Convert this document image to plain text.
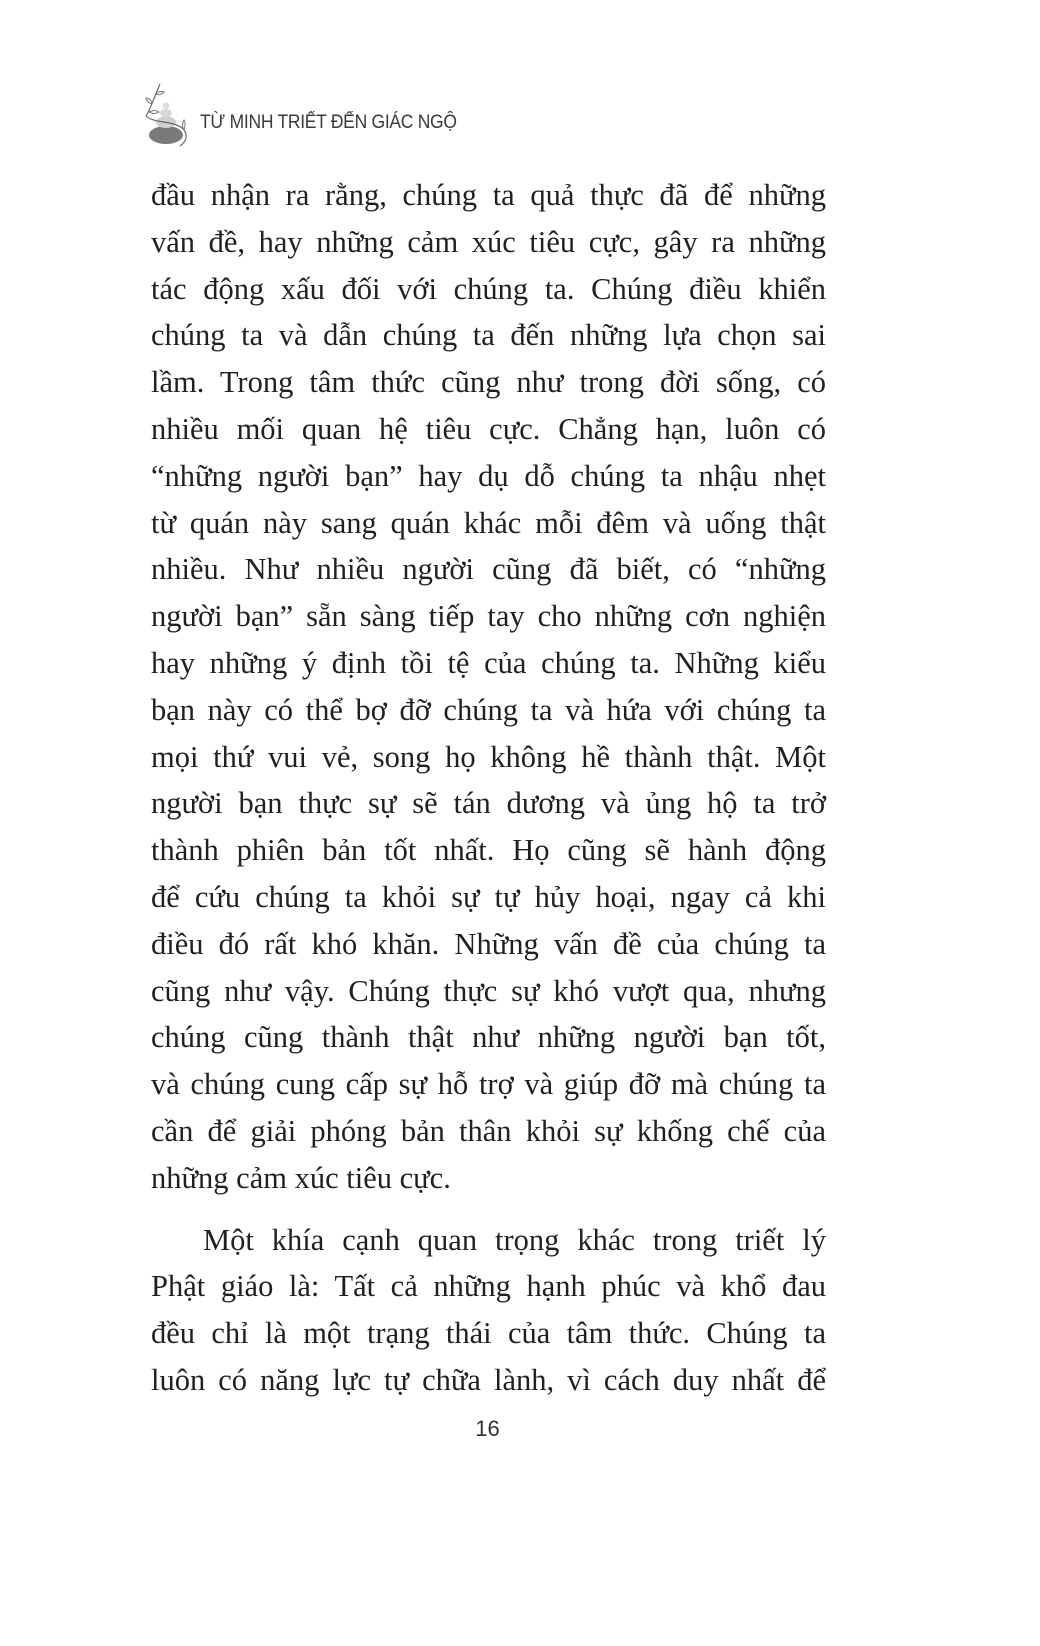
TỪ MINH TRIẾT ĐẾN GIÁC NGỘ
đầu nhận ra rằng, chúng ta quả thực đã để những
vấn đề, hay những cảm xúc tiêu cực, gây ra những
tác động xấu đối với chúng ta. Chúng điều khiển
chúng ta và dẫn chúng ta đến những lựa chọn sai
lầm. Trong tâm thức cũng như trong đời sống, có
nhiều mối quan hệ tiêu cực. Chẳng hạn, luôn có
“những người bạn” hay dụ dỗ chúng ta nhậu nhẹt
từ quán này sang quán khác mỗi đêm và uống thật
nhiều. Như nhiều người cũng đã biết, có “những
người bạn” sẵn sàng tiếp tay cho những cơn nghiện
hay những ý định tồi tệ của chúng ta. Những kiểu
bạn này có thể bợ đỡ chúng ta và hứa với chúng ta
mọi thứ vui vẻ, song họ không hề thành thật. Một
người bạn thực sự sẽ tán dương và ủng hộ ta trở
thành phiên bản tốt nhất. Họ cũng sẽ hành động
để cứu chúng ta khỏi sự tự hủy hoại, ngay cả khi
điều đó rất khó khăn. Những vấn đề của chúng ta
cũng như vậy. Chúng thực sự khó vượt qua, nhưng
chúng cũng thành thật như những người bạn tốt,
và chúng cung cấp sự hỗ trợ và giúp đỡ mà chúng ta
cần để giải phóng bản thân khỏi sự khống chế của
những cảm xúc tiêu cực.
Một khía cạnh quan trọng khác trong triết lý
Phật giáo là: Tất cả những hạnh phúc và khổ đau
đều chỉ là một trạng thái của tâm thức. Chúng ta
luôn có năng lực tự chữa lành, vì cách duy nhất để
16
